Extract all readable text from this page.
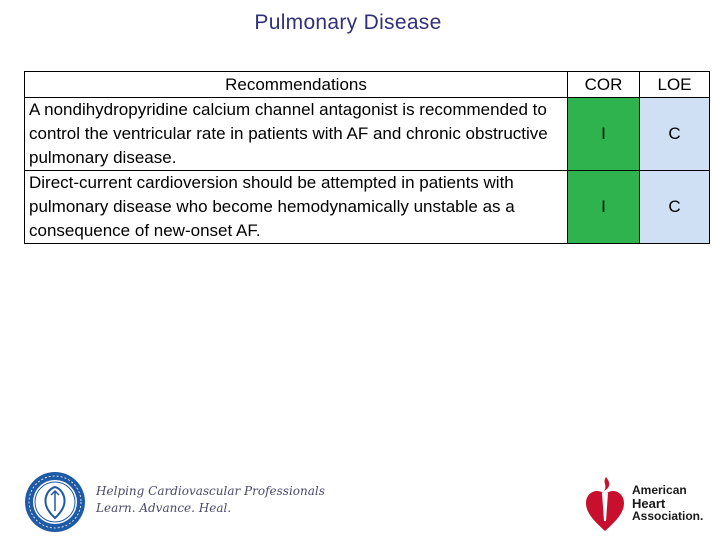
Pulmonary Disease
Recommendations	COR	LOE
A nondihydropyridine calcium channel antagonist is recommended to control the ventricular rate in patients with AF and chronic obstructive pulmonary disease.	I	C
Direct-current cardioversion should be attempted in patients with pulmonary disease who become hemodynamically unstable as a consequence of new-onset AF.	I	C
Helping Cardiovascular Professionals
Learn. Advance. Heal.
American
Heart
Association.
